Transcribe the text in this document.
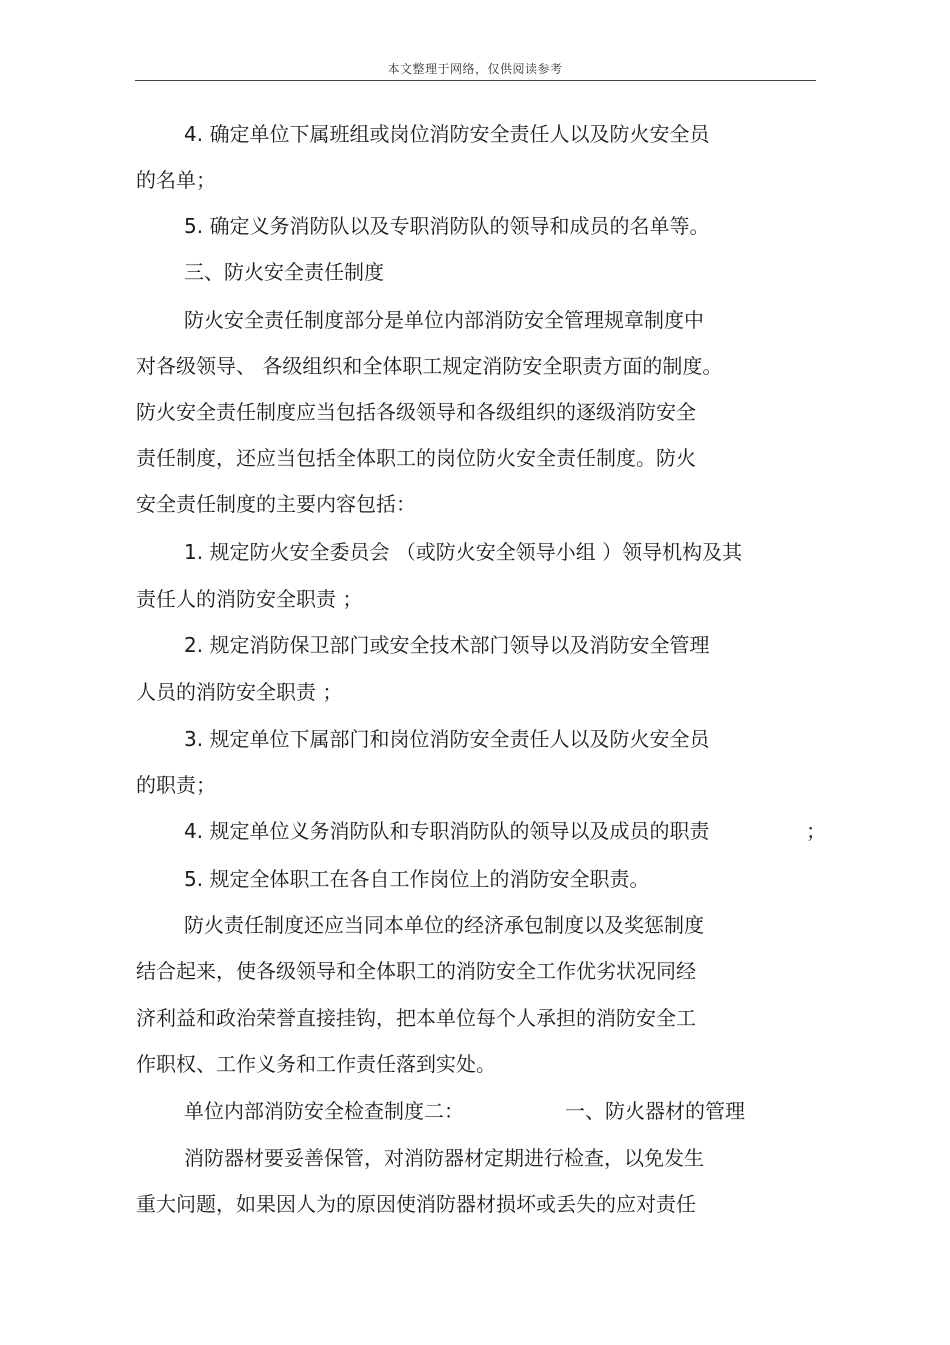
本文整理于网络，仅供阅读参考
4. 确定单位下属班组或岗位消防安全责任人以及防火安全员
的名单；
5. 确定义务消防队以及专职消防队的领导和成员的名单等。
三、防火安全责任制度
防火安全责任制度部分是单位内部消防安全管理规章制度中
对各级领导、 各级组织和全体职工规定消防安全职责方面的制度。
防火安全责任制度应当包括各级领导和各级组织的逐级消防安全
责任制度，还应当包括全体职工的岗位防火安全责任制度。防火
安全责任制度的主要内容包括：
1. 规定防火安全委员会 （或防火安全领导小组 ）领导机构及其
责任人的消防安全职责 ；
2. 规定消防保卫部门或安全技术部门领导以及消防安全管理
人员的消防安全职责 ；
3. 规定单位下属部门和岗位消防安全责任人以及防火安全员
的职责；
4. 规定单位义务消防队和专职消防队的领导以及成员的职责	；
5. 规定全体职工在各自工作岗位上的消防安全职责。
防火责任制度还应当同本单位的经济承包制度以及奖惩制度
结合起来，使各级领导和全体职工的消防安全工作优劣状况同经
济利益和政治荣誉直接挂钩，把本单位每个人承担的消防安全工
作职权、工作义务和工作责任落到实处。
单位内部消防安全检查制度二：	一、防火器材的管理
消防器材要妥善保管，对消防器材定期进行检查，以免发生
重大问题，如果因人为的原因使消防器材损坏或丢失的应对责任
